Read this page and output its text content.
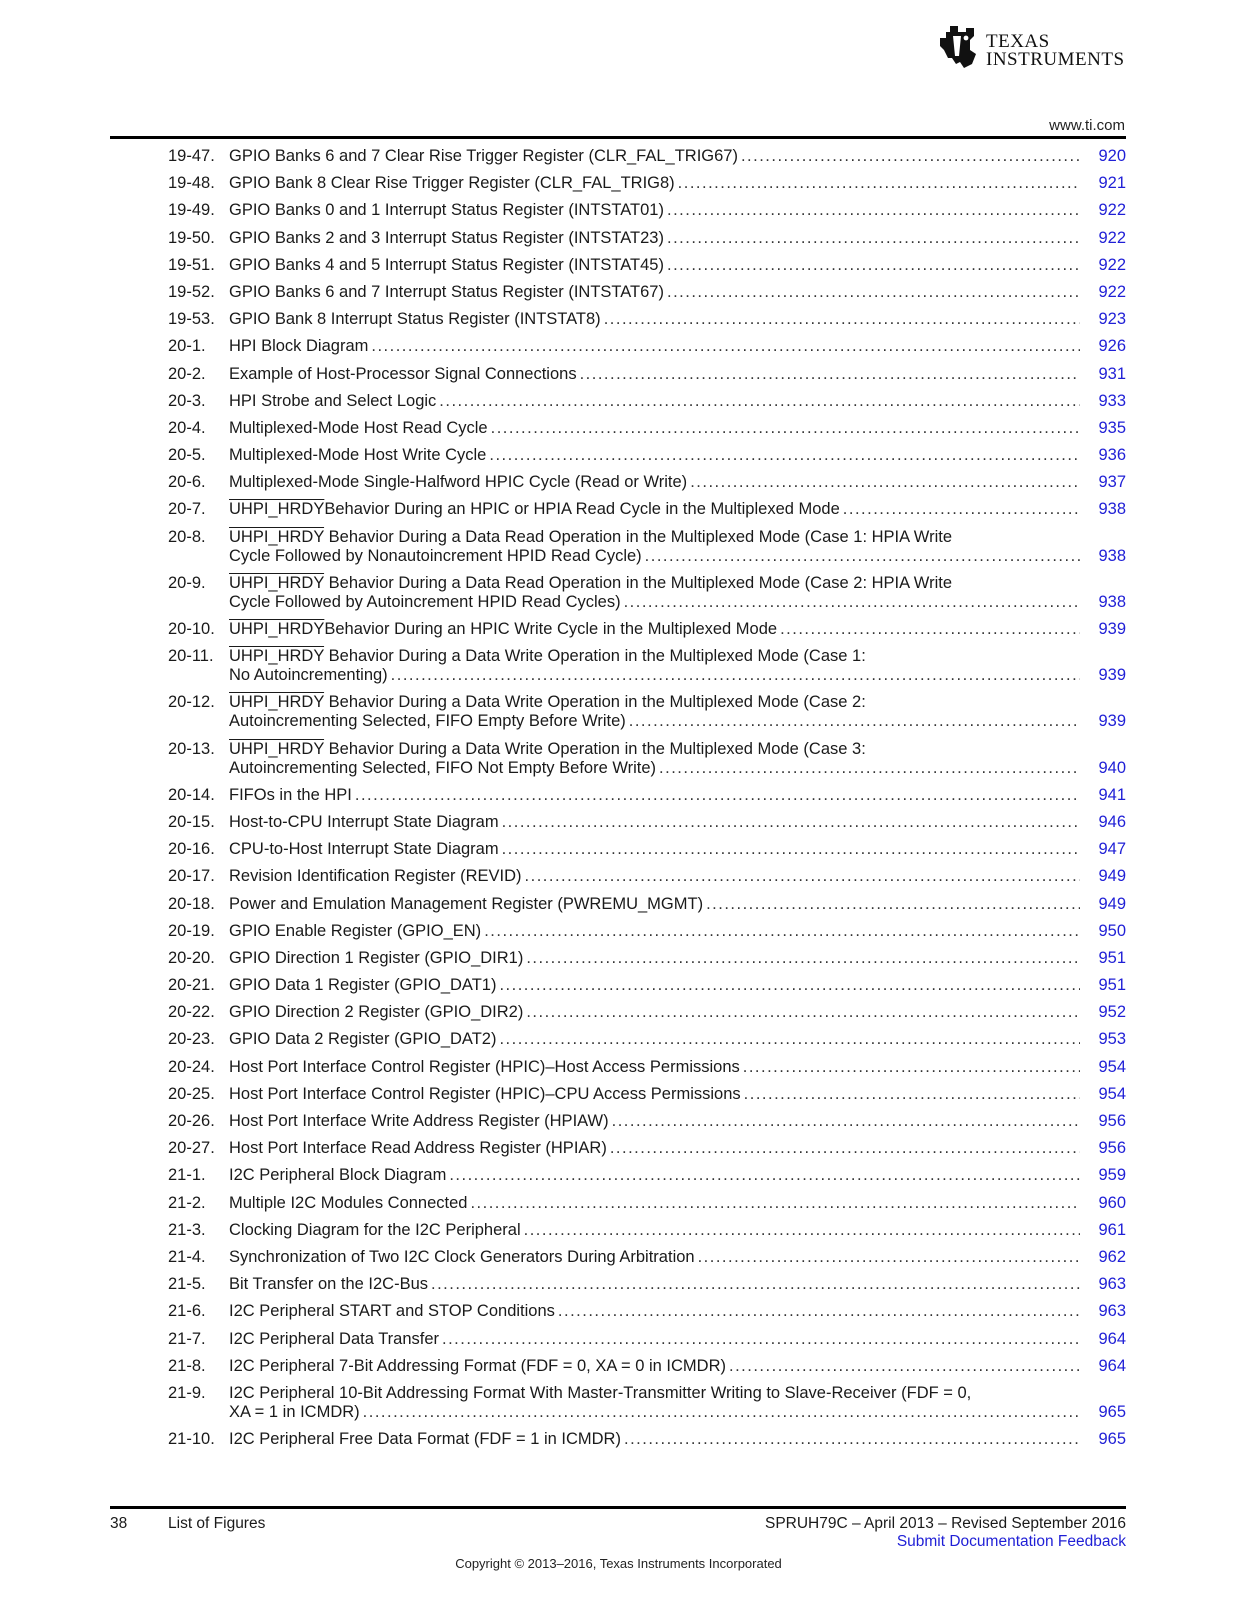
TEXAS
INSTRUMENTS
www.ti.com
19-47. GPIO Banks 6 and 7 Clear Rise Trigger Register (CLR_FAL_TRIG67) .....	920
19-48. GPIO Bank 8 Clear Rise Trigger Register (CLR_FAL_TRIG8) .....	921
19-49. GPIO Banks 0 and 1 Interrupt Status Register (INTSTAT01) .....	922
19-50. GPIO Banks 2 and 3 Interrupt Status Register (INTSTAT23) .....	922
19-51. GPIO Banks 4 and 5 Interrupt Status Register (INTSTAT45) .....	922
19-52. GPIO Banks 6 and 7 Interrupt Status Register (INTSTAT67) .....	922
19-53. GPIO Bank 8 Interrupt Status Register (INTSTAT8) .....	923
20-1. HPI Block Diagram .....	926
20-2. Example of Host-Processor Signal Connections .....	931
20-3. HPI Strobe and Select Logic .....	933
20-4. Multiplexed-Mode Host Read Cycle .....	935
20-5. Multiplexed-Mode Host Write Cycle .....	936
20-6. Multiplexed-Mode Single-Halfword HPIC Cycle (Read or Write) .....	937
20-7. UHPI_HRDY Behavior During an HPIC or HPIA Read Cycle in the Multiplexed Mode .....	938
20-8. UHPI_HRDY Behavior During a Data Read Operation in the Multiplexed Mode (Case 1: HPIA Write
Cycle Followed by Nonautoincrement HPID Read Cycle) .....	938
20-9. UHPI_HRDY Behavior During a Data Read Operation in the Multiplexed Mode (Case 2: HPIA Write
Cycle Followed by Autoincrement HPID Read Cycles) .....	938
20-10. UHPI_HRDY Behavior During an HPIC Write Cycle in the Multiplexed Mode .....	939
20-11. UHPI_HRDY Behavior During a Data Write Operation in the Multiplexed Mode (Case 1:
No Autoincrementing) .....	939
20-12. UHPI_HRDY Behavior During a Data Write Operation in the Multiplexed Mode (Case 2:
Autoincrementing Selected, FIFO Empty Before Write) .....	939
20-13. UHPI_HRDY Behavior During a Data Write Operation in the Multiplexed Mode (Case 3:
Autoincrementing Selected, FIFO Not Empty Before Write) .....	940
20-14. FIFOs in the HPI .....	941
20-15. Host-to-CPU Interrupt State Diagram .....	946
20-16. CPU-to-Host Interrupt State Diagram .....	947
20-17. Revision Identification Register (REVID) .....	949
20-18. Power and Emulation Management Register (PWREMU_MGMT) .....	949
20-19. GPIO Enable Register (GPIO_EN) .....	950
20-20. GPIO Direction 1 Register (GPIO_DIR1) .....	951
20-21. GPIO Data 1 Register (GPIO_DAT1) .....	951
20-22. GPIO Direction 2 Register (GPIO_DIR2) .....	952
20-23. GPIO Data 2 Register (GPIO_DAT2) .....	953
20-24. Host Port Interface Control Register (HPIC)–Host Access Permissions .....	954
20-25. Host Port Interface Control Register (HPIC)–CPU Access Permissions .....	954
20-26. Host Port Interface Write Address Register (HPIAW) .....	956
20-27. Host Port Interface Read Address Register (HPIAR) .....	956
21-1. I2C Peripheral Block Diagram .....	959
21-2. Multiple I2C Modules Connected .....	960
21-3. Clocking Diagram for the I2C Peripheral .....	961
21-4. Synchronization of Two I2C Clock Generators During Arbitration .....	962
21-5. Bit Transfer on the I2C-Bus .....	963
21-6. I2C Peripheral START and STOP Conditions .....	963
21-7. I2C Peripheral Data Transfer .....	964
21-8. I2C Peripheral 7-Bit Addressing Format (FDF = 0, XA = 0 in ICMDR) .....	964
21-9. I2C Peripheral 10-Bit Addressing Format With Master-Transmitter Writing to Slave-Receiver (FDF = 0,
XA = 1 in ICMDR) .....	965
21-10. I2C Peripheral Free Data Format (FDF = 1 in ICMDR) .....	965
38	List of Figures	SPRUH79C – April 2013 – Revised September 2016
Submit Documentation Feedback
Copyright © 2013–2016, Texas Instruments Incorporated
